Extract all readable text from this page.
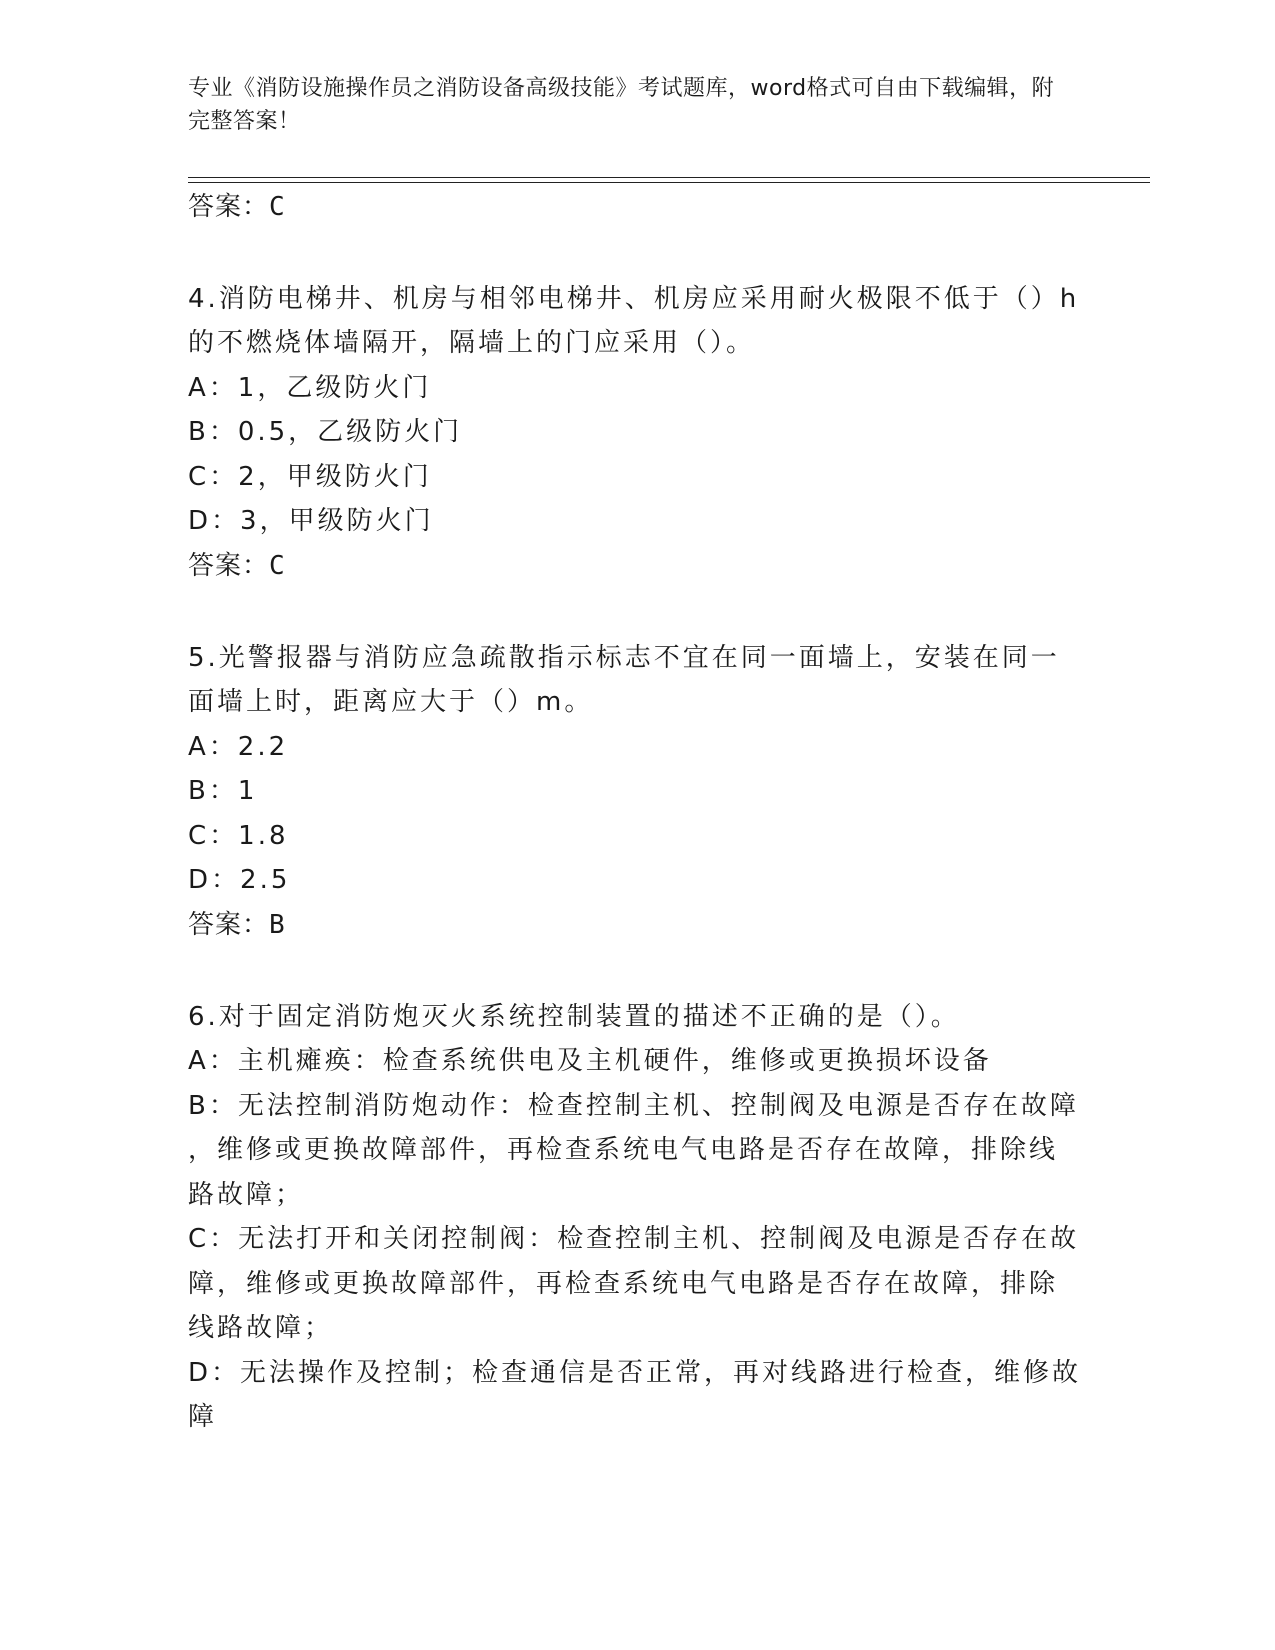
专业《消防设施操作员之消防设备高级技能》考试题库，word格式可自由下载编辑，附完整答案！
答案：C
4.消防电梯井、机房与相邻电梯井、机房应采用耐火极限不低于（）h
的不燃烧体墙隔开，隔墙上的门应采用（）。
A：1，乙级防火门
B：0.5，乙级防火门
C：2，甲级防火门
D：3，甲级防火门
答案：C
5.光警报器与消防应急疏散指示标志不宜在同一面墙上，安装在同一
面墙上时，距离应大于（）m。
A：2.2
B：1
C：1.8
D：2.5
答案：B
6.对于固定消防炮灭火系统控制装置的描述不正确的是（）。
A：主机瘫痪：检查系统供电及主机硬件，维修或更换损坏设备
B：无法控制消防炮动作：检查控制主机、控制阀及电源是否存在故障
，维修或更换故障部件，再检查系统电气电路是否存在故障，排除线
路故障；
C：无法打开和关闭控制阀：检查控制主机、控制阀及电源是否存在故
障，维修或更换故障部件，再检查系统电气电路是否存在故障，排除
线路故障；
D：无法操作及控制；检查通信是否正常，再对线路进行检查，维修故
障
